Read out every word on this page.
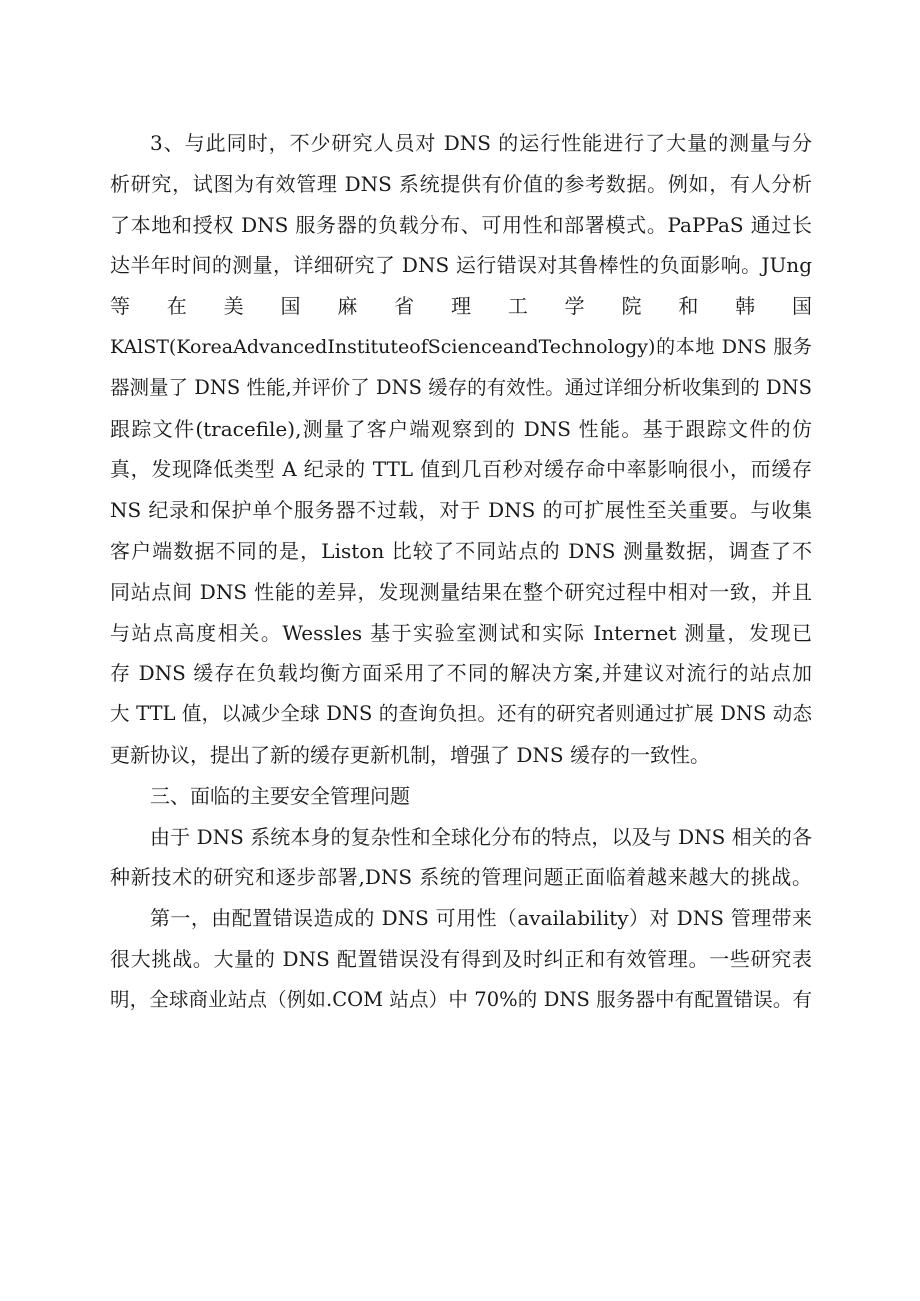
3、与此同时，不少研究人员对 DNS 的运行性能进行了大量的测量与分
析研究，试图为有效管理 DNS 系统提供有价值的参考数据。例如，有人分析
了本地和授权 DNS 服务器的负载分布、可用性和部署模式。PaPPaS 通过长
达半年时间的测量，详细研究了 DNS 运行错误对其鲁棒性的负面影响。JUng
等　在　美　国　麻　省　理　工　学　院　和　韩　国
KAlST(KoreaAdvancedInstituteofScienceandTechnology)的本地 DNS 服务
器测量了 DNS 性能,并评价了 DNS 缓存的有效性。通过详细分析收集到的 DNS
跟踪文件(tracefile),测量了客户端观察到的 DNS 性能。基于跟踪文件的仿
真，发现降低类型 A 纪录的 TTL 值到几百秒对缓存命中率影响很小，而缓存
NS 纪录和保护单个服务器不过载，对于 DNS 的可扩展性至关重要。与收集
客户端数据不同的是，Liston 比较了不同站点的 DNS 测量数据，调查了不
同站点间 DNS 性能的差异，发现测量结果在整个研究过程中相对一致，并且
与站点高度相关。Wessles 基于实验室测试和实际 Internet 测量，发现已
存 DNS 缓存在负载均衡方面采用了不同的解决方案,并建议对流行的站点加
大 TTL 值，以减少全球 DNS 的查询负担。还有的研究者则通过扩展 DNS 动态
更新协议，提出了新的缓存更新机制，增强了 DNS 缓存的一致性。
三、面临的主要安全管理问题
由于 DNS 系统本身的复杂性和全球化分布的特点，以及与 DNS 相关的各
种新技术的研究和逐步部署,DNS 系统的管理问题正面临着越来越大的挑战。
第一，由配置错误造成的 DNS 可用性（availability）对 DNS 管理带来
很大挑战。大量的 DNS 配置错误没有得到及时纠正和有效管理。一些研究表
明，全球商业站点（例如.COM 站点）中 70%的 DNS 服务器中有配置错误。有
